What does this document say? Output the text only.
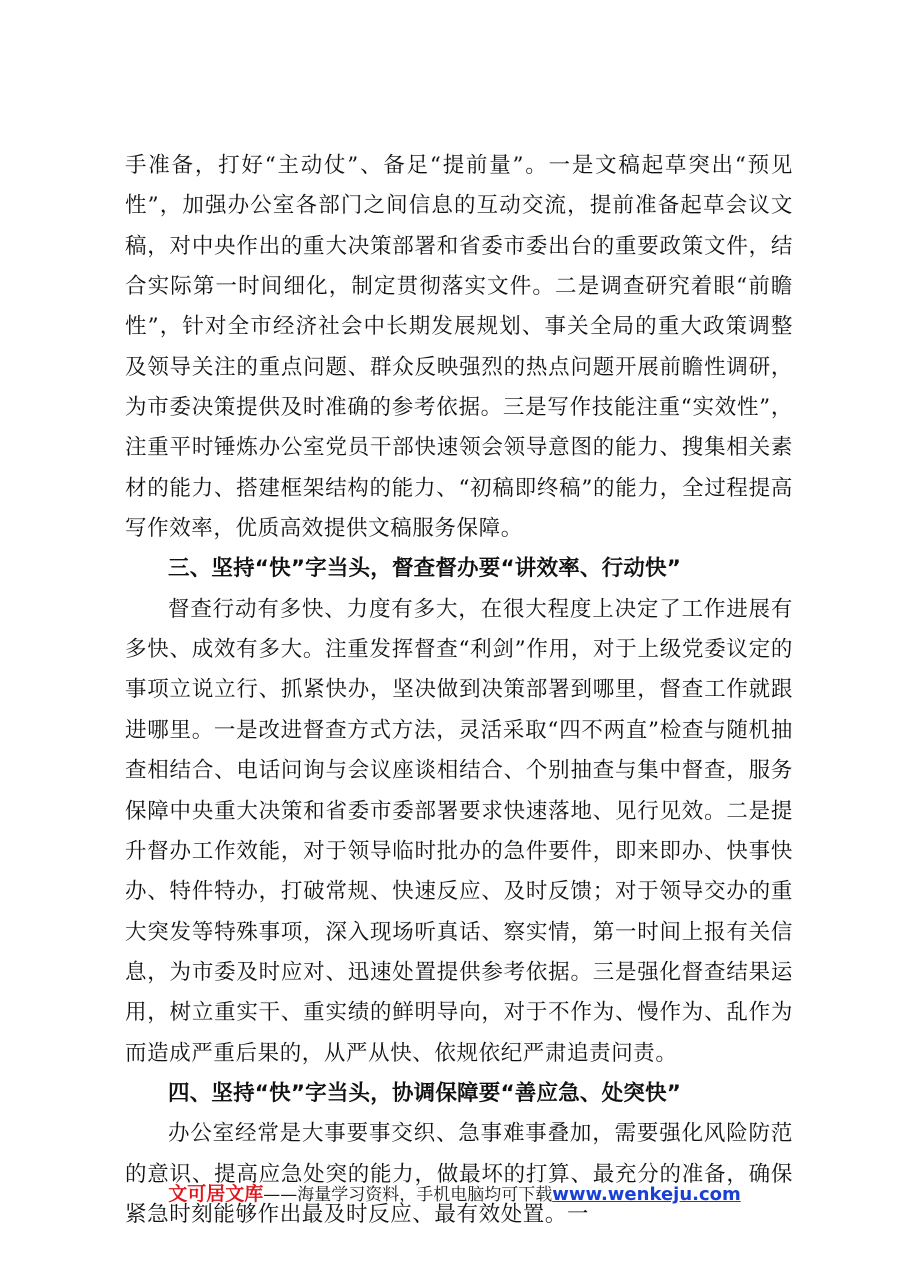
手准备，打好“主动仗”、备足“提前量”。一是文稿起草突出“预见性”，加强办公室各部门之间信息的互动交流，提前准备起草会议文稿，对中央作出的重大决策部署和省委市委出台的重要政策文件，结合实际第一时间细化，制定贯彻落实文件。二是调查研究着眼“前瞻性”，针对全市经济社会中长期发展规划、事关全局的重大政策调整及领导关注的重点问题、群众反映强烈的热点问题开展前瞻性调研，为市委决策提供及时准确的参考依据。三是写作技能注重“实效性”，注重平时锤炼办公室党员干部快速领会领导意图的能力、搜集相关素材的能力、搭建框架结构的能力、“初稿即终稿”的能力，全过程提高写作效率，优质高效提供文稿服务保障。

三、坚持“快”字当头，督查督办要“讲效率、行动快”

督查行动有多快、力度有多大，在很大程度上决定了工作进展有多快、成效有多大。注重发挥督查“利剑”作用，对于上级党委议定的事项立说立行、抓紧快办，坚决做到决策部署到哪里，督查工作就跟进哪里。一是改进督查方式方法，灵活采取“四不两直”检查与随机抽查相结合、电话问询与会议座谈相结合、个别抽查与集中督查，服务保障中央重大决策和省委市委部署要求快速落地、见行见效。二是提升督办工作效能，对于领导临时批办的急件要件，即来即办、快事快办、特件特办，打破常规、快速反应、及时反馈；对于领导交办的重大突发等特殊事项，深入现场听真话、察实情，第一时间上报有关信息，为市委及时应对、迅速处置提供参考依据。三是强化督查结果运用，树立重实干、重实绩的鲜明导向，对于不作为、慢作为、乱作为而造成严重后果的，从严从快、依规依纪严肃追责问责。

四、坚持“快”字当头，协调保障要“善应急、处突快”

办公室经常是大事要事交织、急事难事叠加，需要强化风险防范的意识、提高应急处突的能力，做最坏的打算、最充分的准备，确保紧急时刻能够作出最及时反应、最有效处置。一

文可居文库——海量学习资料，手机电脑均可下载www.wenkeju.com
